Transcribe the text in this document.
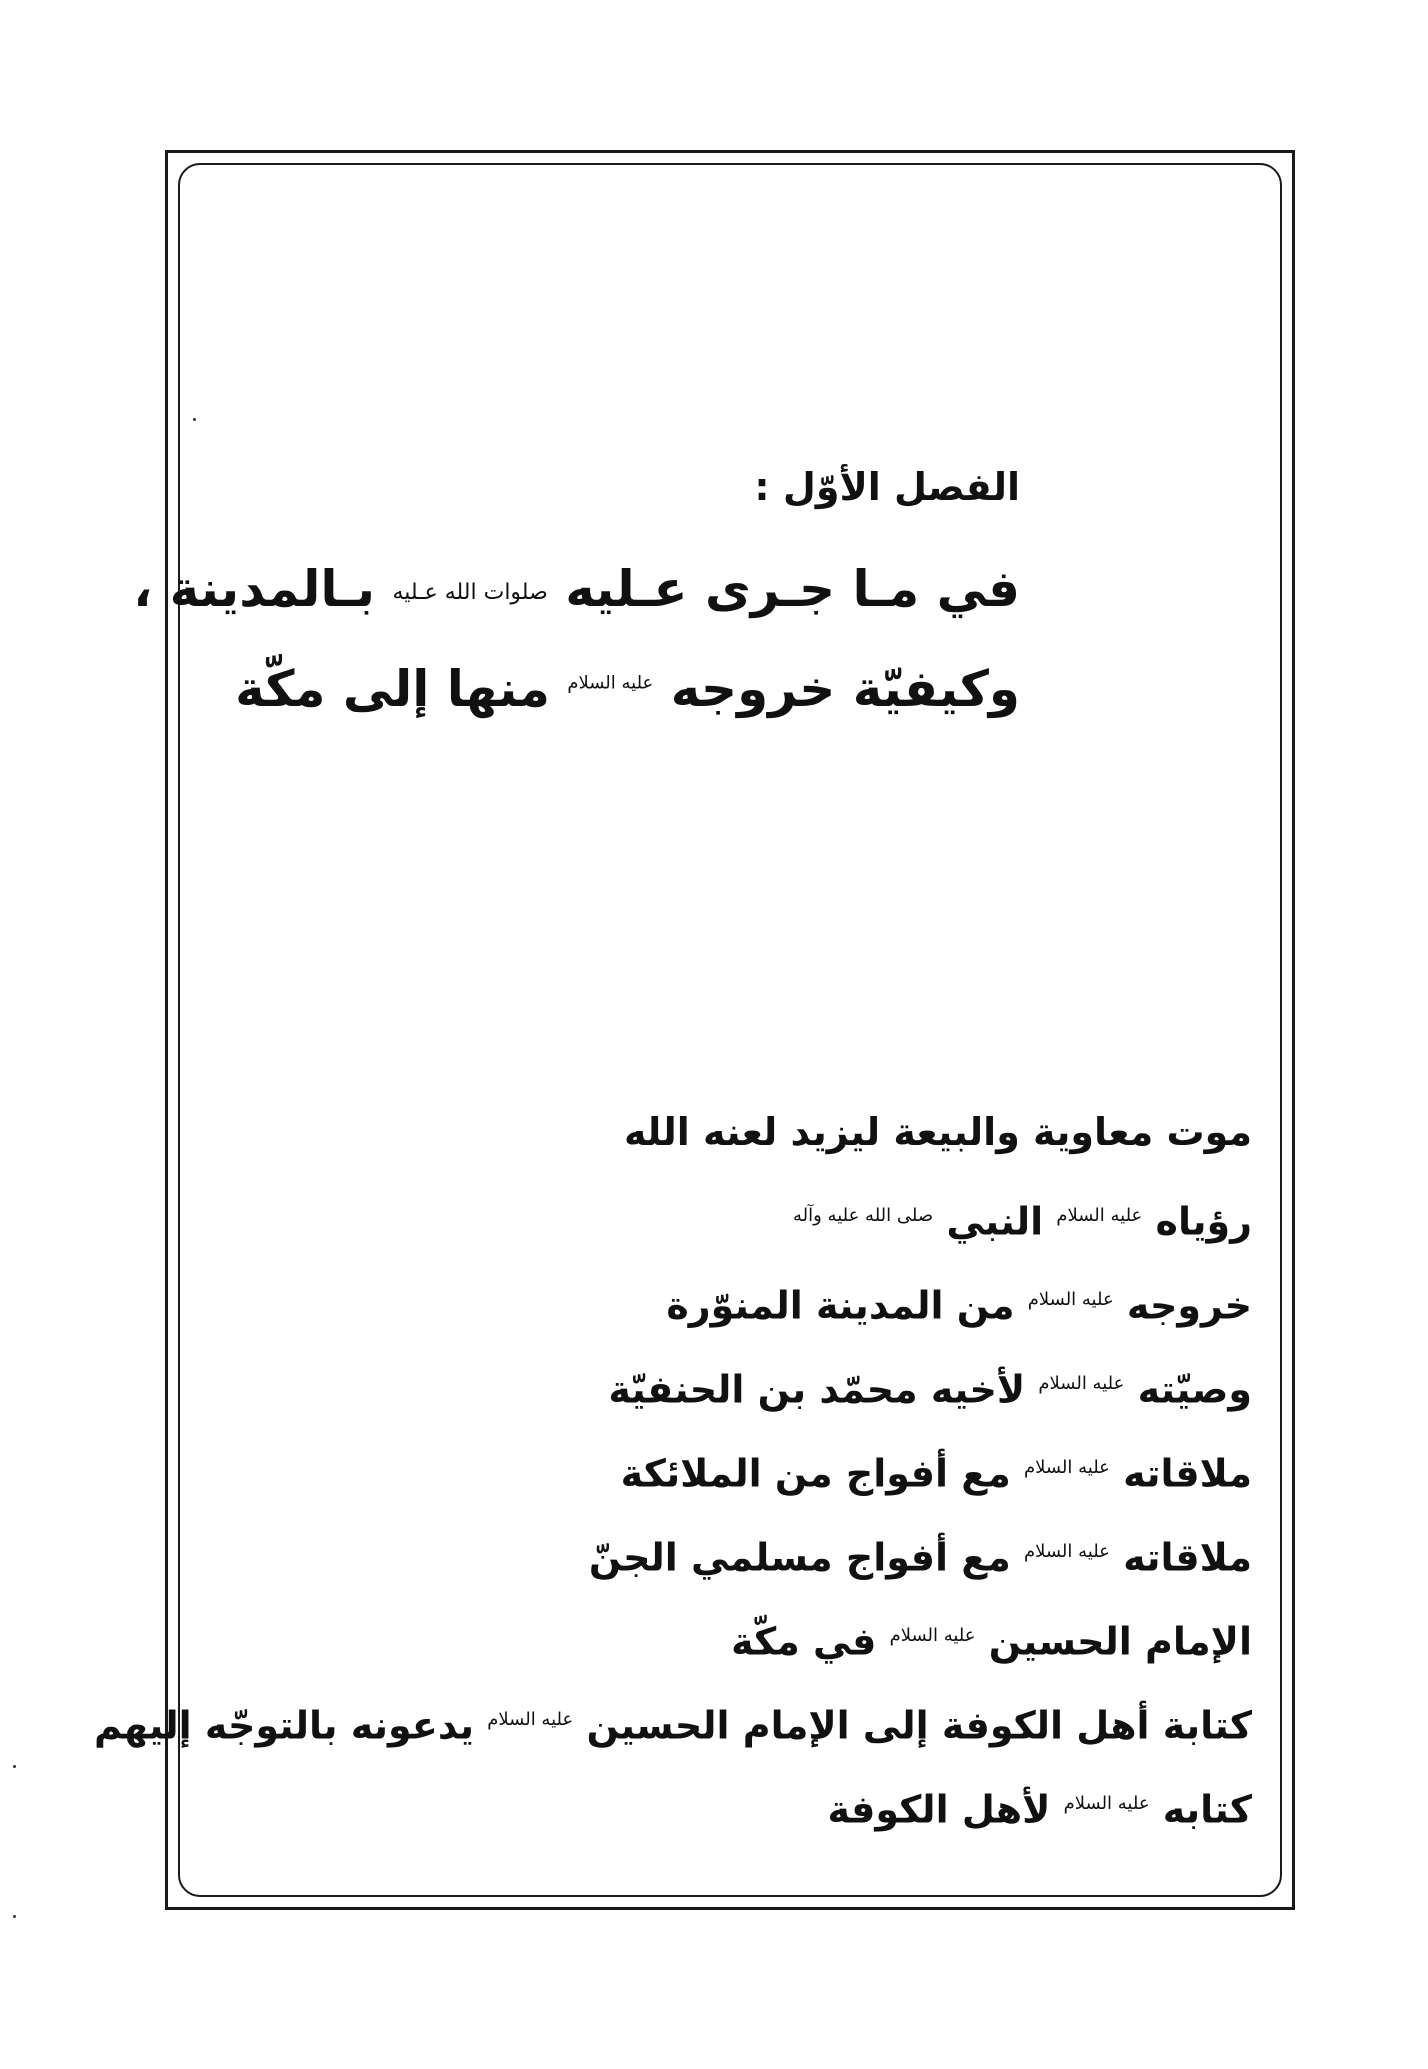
الفصل الأوّل :
في مـا جـرى عـليه صلوات الله عـليه بـالمدينة ،
وكيفيّة خروجه $^{عليه السلام}$ منها إلى مكّة
موت معاوية والبيعة ليزيد لعنه الله
رؤياه $^{عليه السلام}$ النبي $^{صلى الله عليه وآله}$
خروجه $^{عليه السلام}$ من المدينة المنوّرة
وصيّته $^{عليه السلام}$ لأخيه محمّد بن الحنفيّة
ملاقاته $^{عليه السلام}$ مع أفواج من الملائكة
ملاقاته $^{عليه السلام}$ مع أفواج مسلمي الجنّ
الإمام الحسين $^{عليه السلام}$ في مكّة
كتابة أهل الكوفة إلى الإمام الحسين $^{عليه السلام}$ يدعونه بالتوجّه إليهم
كتابه $^{عليه السلام}$ لأهل الكوفة
